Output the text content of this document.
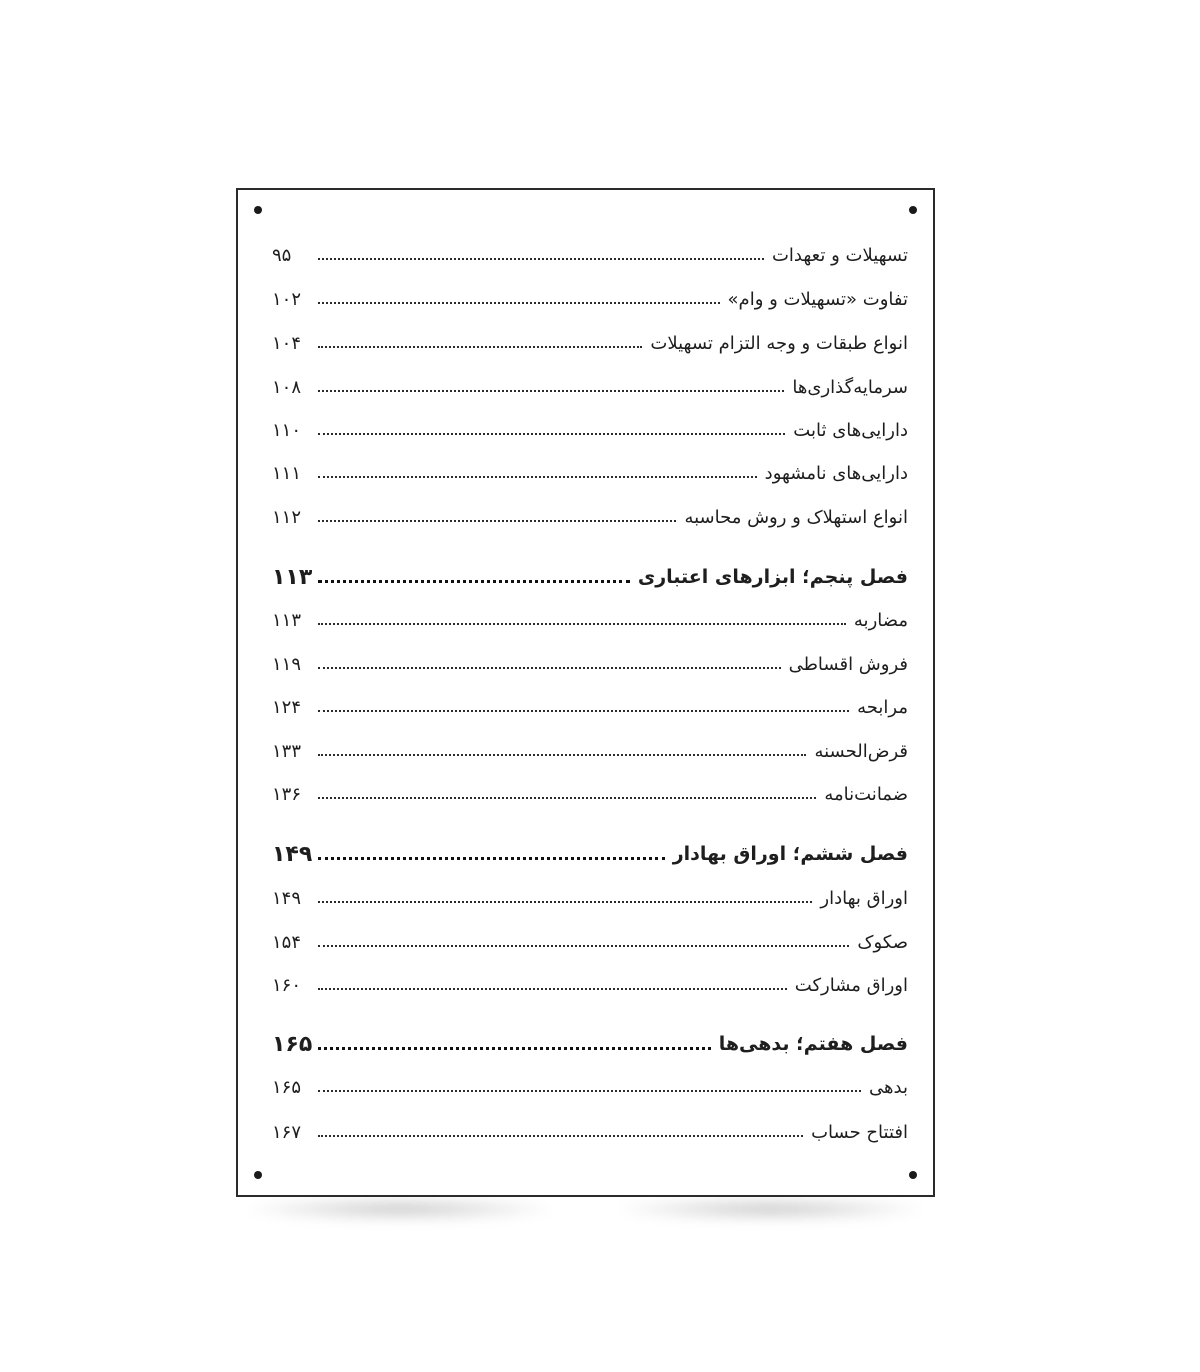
تسهیلات و تعهدات
۹۵
تفاوت «تسهیلات و وام»
۱۰۲
انواع طبقات و وجه التزام تسهیلات
۱۰۴
سرمایه‌گذاری‌ها
۱۰۸
دارایی‌های ثابت
۱۱۰
دارایی‌های نامشهود
۱۱۱
انواع استهلاک و روش محاسبه
۱۱۲
فصل پنجم؛ ابزارهای اعتباری
۱۱۳
مضاربه
۱۱۳
فروش اقساطی
۱۱۹
مرابحه
۱۲۴
قرض‌الحسنه
۱۳۳
ضمانت‌نامه
۱۳۶
فصل ششم؛ اوراق بهادار
۱۴۹
اوراق بهادار
۱۴۹
صکوک
۱۵۴
اوراق مشارکت
۱۶۰
فصل هفتم؛ بدهی‌ها
۱۶۵
بدهی
۱۶۵
افتتاح حساب
۱۶۷
